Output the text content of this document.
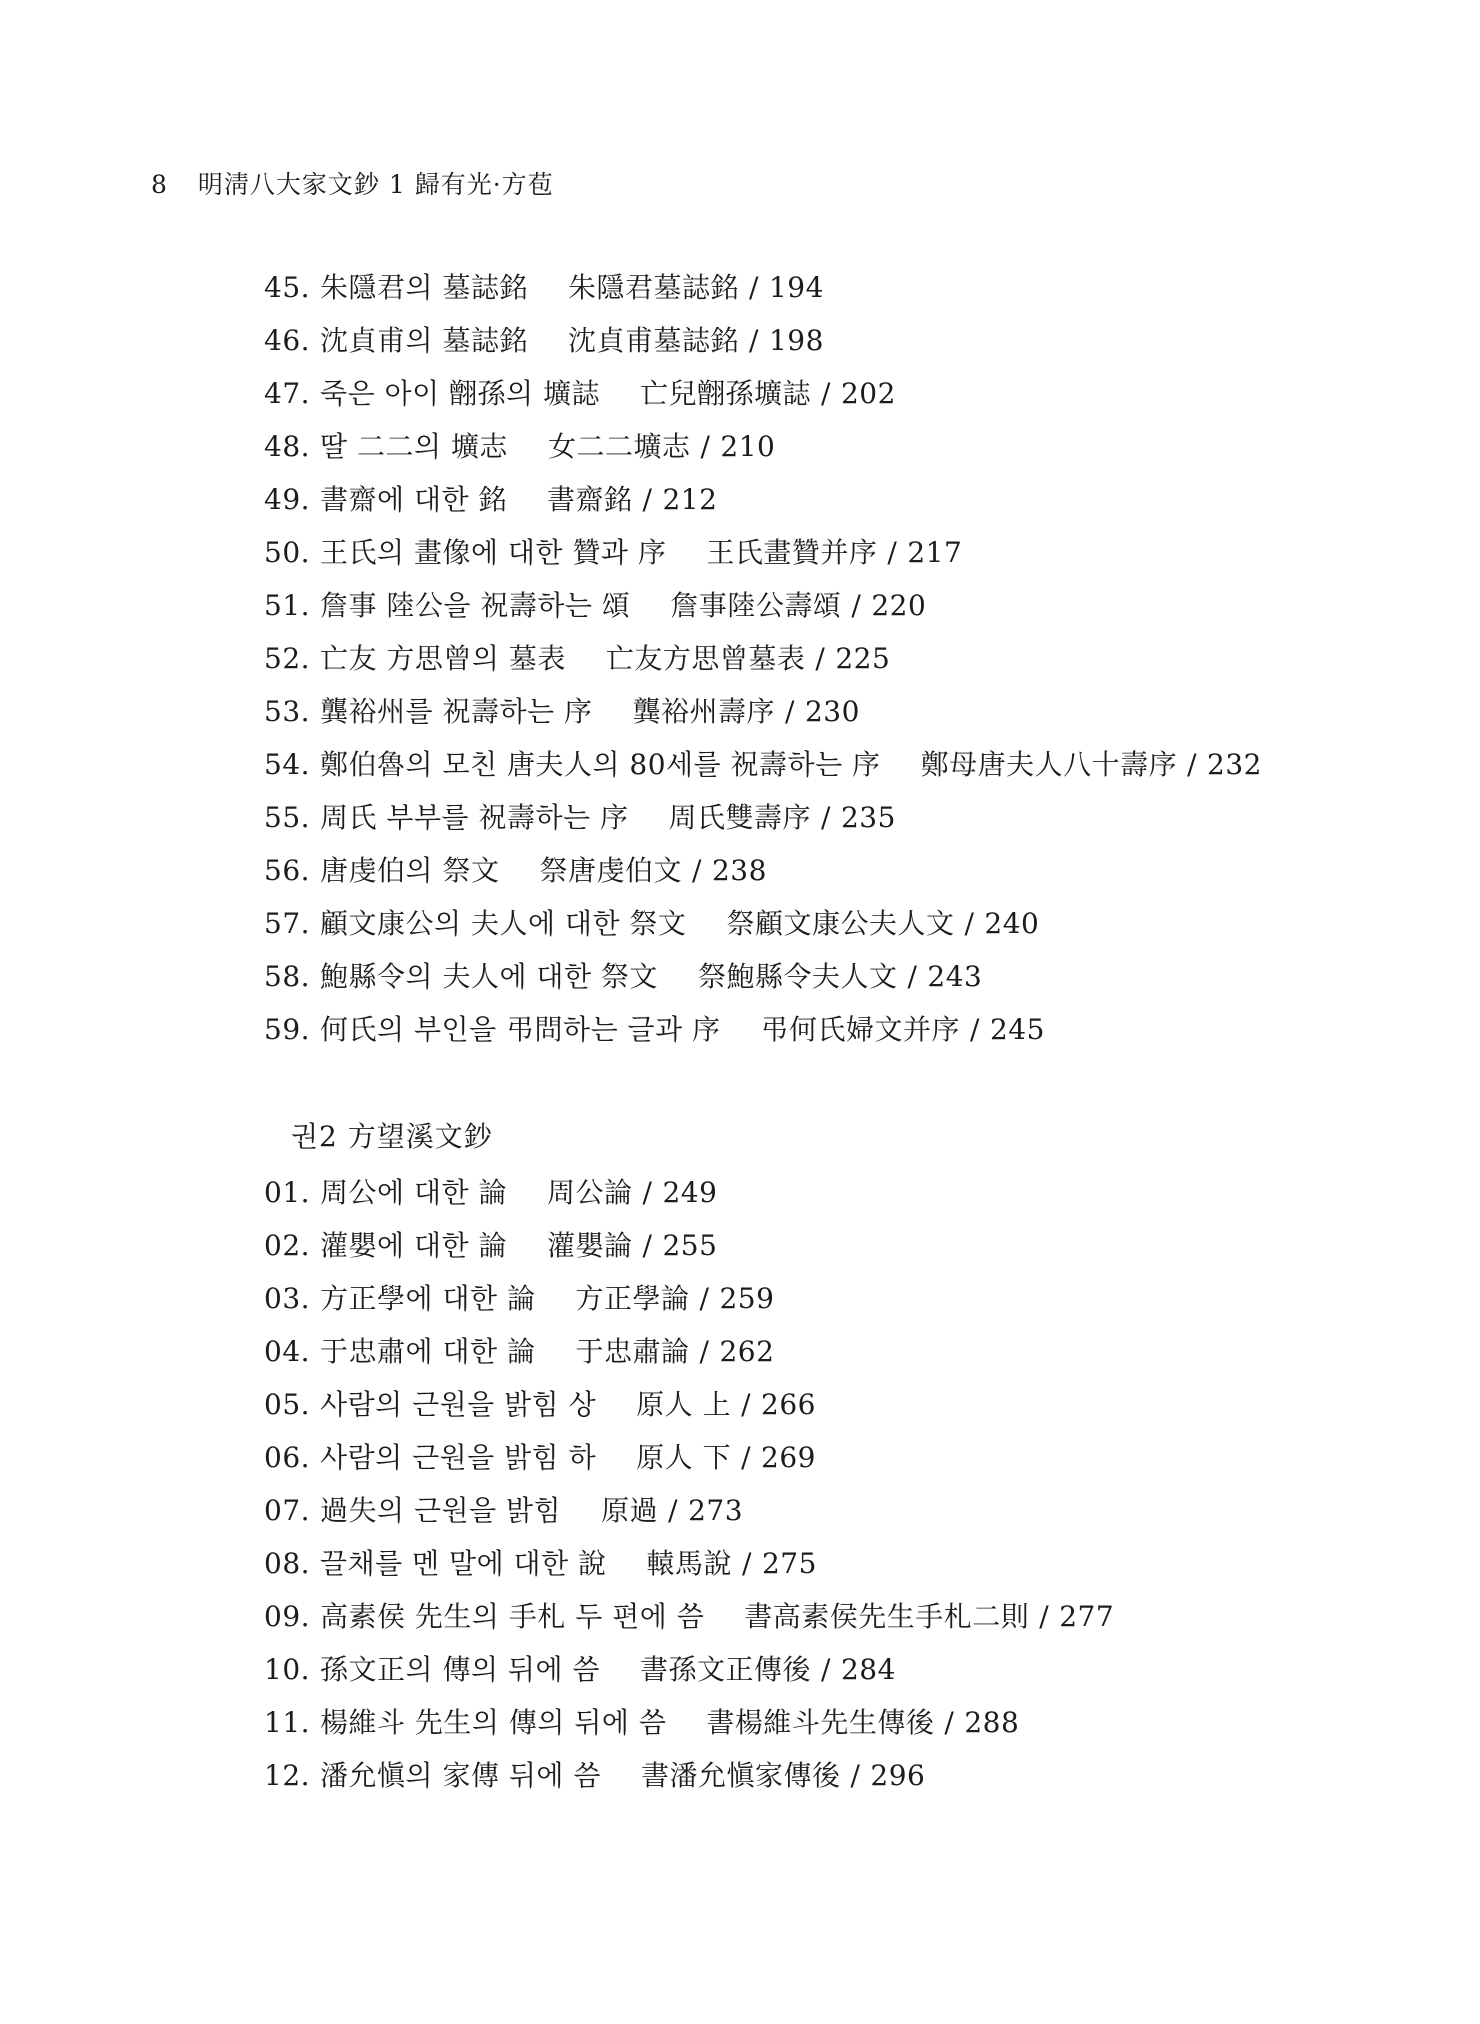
8 明淸八大家文鈔 1 歸有光·方苞
45. 朱隱君의 墓誌銘 朱隱君墓誌銘 / 194
46. 沈貞甫의 墓誌銘 沈貞甫墓誌銘 / 198
47. 죽은 아이 䎖孫의 壙誌 亡兒䎖孫壙誌 / 202
48. 딸 二二의 壙志 女二二壙志 / 210
49. 書齋에 대한 銘 書齋銘 / 212
50. 王氏의 畫像에 대한 贊과 序 王氏畫贊并序 / 217
51. 詹事 陸公을 祝壽하는 頌 詹事陸公壽頌 / 220
52. 亡友 方思曾의 墓表 亡友方思曾墓表 / 225
53. 龔裕州를 祝壽하는 序 龔裕州壽序 / 230
54. 鄭伯魯의 모친 唐夫人의 80세를 祝壽하는 序 鄭母唐夫人八十壽序 / 232
55. 周氏 부부를 祝壽하는 序 周氏雙壽序 / 235
56. 唐虔伯의 祭文 祭唐虔伯文 / 238
57. 顧文康公의 夫人에 대한 祭文 祭顧文康公夫人文 / 240
58. 鮑縣令의 夫人에 대한 祭文 祭鮑縣令夫人文 / 243
59. 何氏의 부인을 弔問하는 글과 序 弔何氏婦文并序 / 245
권2 方望溪文鈔
01. 周公에 대한 論 周公論 / 249
02. 灌嬰에 대한 論 灌嬰論 / 255
03. 方正學에 대한 論 方正學論 / 259
04. 于忠肅에 대한 論 于忠肅論 / 262
05. 사람의 근원을 밝힘 상 原人 上 / 266
06. 사람의 근원을 밝힘 하 原人 下 / 269
07. 過失의 근원을 밝힘 原過 / 273
08. 끌채를 멘 말에 대한 說 轅馬說 / 275
09. 高素侯 先生의 手札 두 편에 씀 書高素侯先生手札二則 / 277
10. 孫文正의 傳의 뒤에 씀 書孫文正傳後 / 284
11. 楊維斗 先生의 傳의 뒤에 씀 書楊維斗先生傳後 / 288
12. 潘允愼의 家傳 뒤에 씀 書潘允愼家傳後 / 296
